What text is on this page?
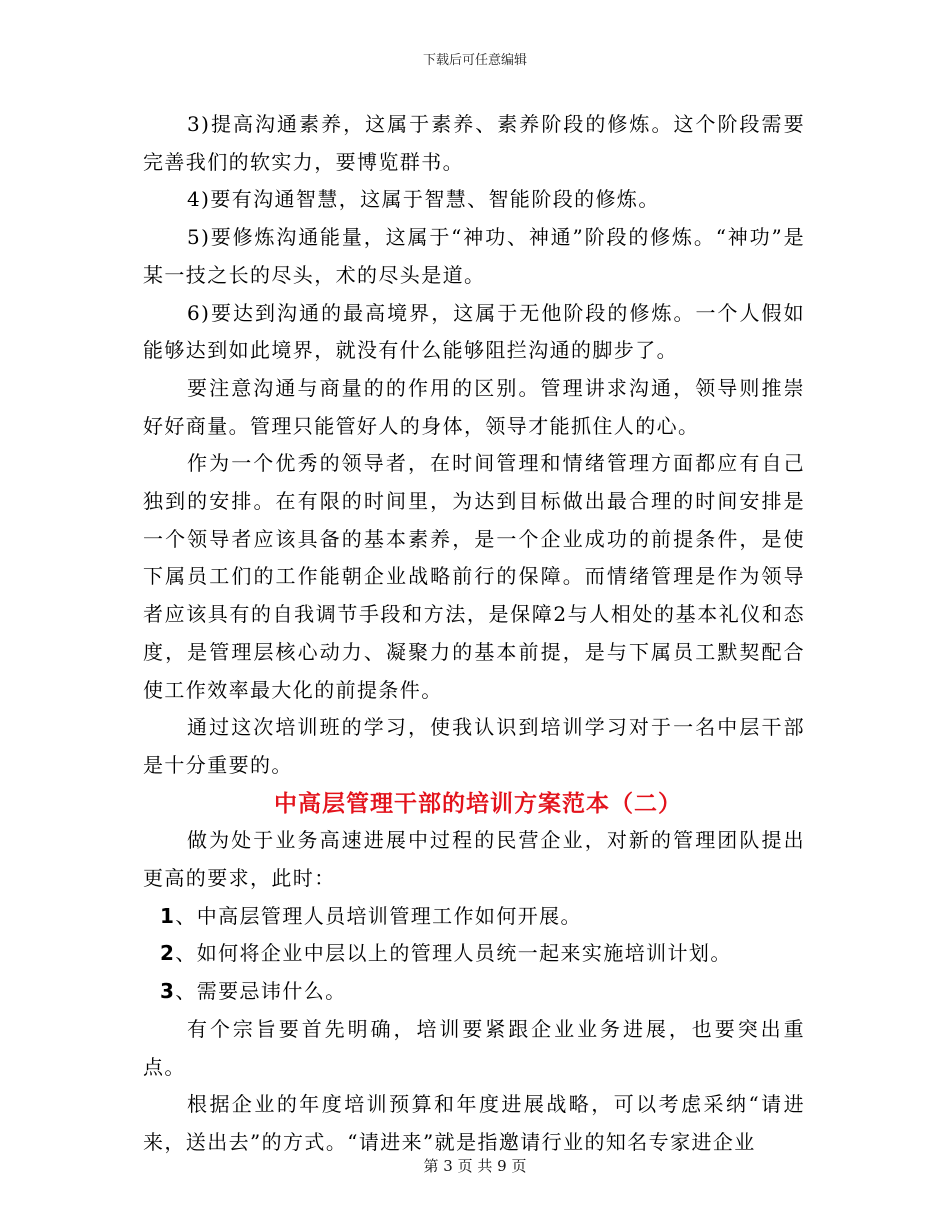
下载后可任意编辑

3)提高沟通素养，这属于素养、素养阶段的修炼。这个阶段需要完善我们的软实力，要博览群书。

4)要有沟通智慧，这属于智慧、智能阶段的修炼。

5)要修炼沟通能量，这属于“神功、神通”阶段的修炼。“神功”是某一技之长的尽头，术的尽头是道。

6)要达到沟通的最高境界，这属于无他阶段的修炼。一个人假如能够达到如此境界，就没有什么能够阻拦沟通的脚步了。

要注意沟通与商量的的作用的区别。管理讲求沟通，领导则推崇好好商量。管理只能管好人的身体，领导才能抓住人的心。

作为一个优秀的领导者，在时间管理和情绪管理方面都应有自己独到的安排。在有限的时间里，为达到目标做出最合理的时间安排是一个领导者应该具备的基本素养，是一个企业成功的前提条件，是使下属员工们的工作能朝企业战略前行的保障。而情绪管理是作为领导者应该具有的自我调节手段和方法，是保障2与人相处的基本礼仪和态度，是管理层核心动力、凝聚力的基本前提，是与下属员工默契配合使工作效率最大化的前提条件。

通过这次培训班的学习，使我认识到培训学习对于一名中层干部是十分重要的。

中高层管理干部的培训方案范本（二）

做为处于业务高速进展中过程的民营企业，对新的管理团队提出更高的要求，此时：

1、中高层管理人员培训管理工作如何开展。

2、如何将企业中层以上的管理人员统一起来实施培训计划。

3、需要忌讳什么。

有个宗旨要首先明确，培训要紧跟企业业务进展，也要突出重点。

根据企业的年度培训预算和年度进展战略，可以考虑采纳“请进来，送出去”的方式。“请进来”就是指邀请行业的知名专家进企业

第 3 页 共 9 页
